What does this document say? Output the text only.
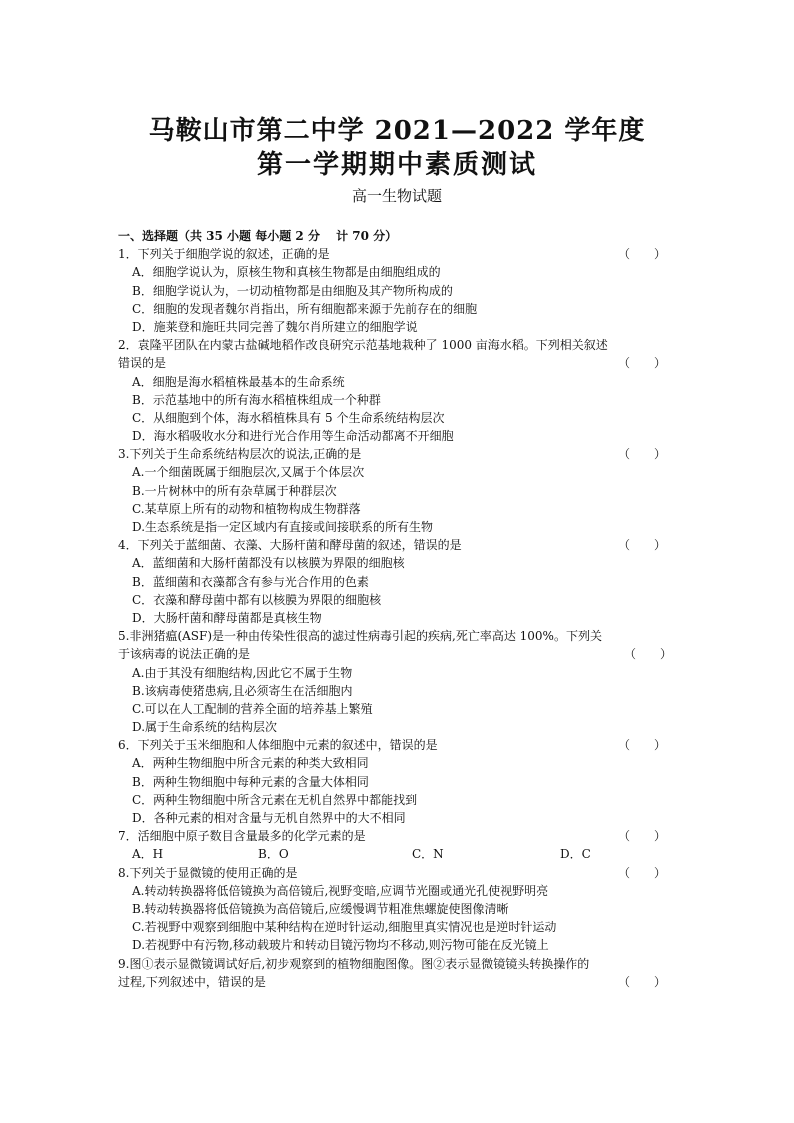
马鞍山市第二中学 2021—2022 学年度
第一学期期中素质测试
高一生物试题
一、选择题（共 35 小题 每小题 2 分　 计 70 分）
1．下列关于细胞学说的叙述，正确的是	（　　）
A．细胞学说认为，原核生物和真核生物都是由细胞组成的
B．细胞学说认为，一切动植物都是由细胞及其产物所构成的
C．细胞的发现者魏尔肖指出，所有细胞都来源于先前存在的细胞
D．施莱登和施旺共同完善了魏尔肖所建立的细胞学说
2．袁隆平团队在内蒙古盐碱地稻作改良研究示范基地栽种了 1000 亩海水稻。下列相关叙述
错误的是	（　　）
A．细胞是海水稻植株最基本的生命系统
B．示范基地中的所有海水稻植株组成一个种群
C．从细胞到个体，海水稻植株具有 5 个生命系统结构层次
D．海水稻吸收水分和进行光合作用等生命活动都离不开细胞
3.下列关于生命系统结构层次的说法,正确的是	（　　）
A.一个细菌既属于细胞层次,又属于个体层次
B.一片树林中的所有杂草属于种群层次
C.某草原上所有的动物和植物构成生物群落
D.生态系统是指一定区域内有直接或间接联系的所有生物
4．下列关于蓝细菌、衣藻、大肠杆菌和酵母菌的叙述，错误的是	（　　）
A．蓝细菌和大肠杆菌都没有以核膜为界限的细胞核
B．蓝细菌和衣藻都含有参与光合作用的色素
C．衣藻和酵母菌中都有以核膜为界限的细胞核
D．大肠杆菌和酵母菌都是真核生物
5.非洲猪瘟(ASF)是一种由传染性很高的滤过性病毒引起的疾病,死亡率高达 100%。下列关
于该病毒的说法正确的是	（　　）
A.由于其没有细胞结构,因此它不属于生物
B.该病毒使猪患病,且必须寄生在活细胞内
C.可以在人工配制的营养全面的培养基上繁殖
D.属于生命系统的结构层次
6．下列关于玉米细胞和人体细胞中元素的叙述中，错误的是	（　　）
A．两种生物细胞中所含元素的种类大致相同
B．两种生物细胞中每种元素的含量大体相同
C．两种生物细胞中所含元素在无机自然界中都能找到
D．各种元素的相对含量与无机自然界中的大不相同
7．活细胞中原子数目含量最多的化学元素的是	（　　）
A．H	B．O	C．N	D．C
8.下列关于显微镜的使用正确的是	（　　）
A.转动转换器将低倍镜换为高倍镜后,视野变暗,应调节光圈或通光孔使视野明亮
B.转动转换器将低倍镜换为高倍镜后,应缓慢调节粗准焦螺旋使图像清晰
C.若视野中观察到细胞中某种结构在逆时针运动,细胞里真实情况也是逆时针运动
D.若视野中有污物,移动载玻片和转动目镜污物均不移动,则污物可能在反光镜上
9.图①表示显微镜调试好后,初步观察到的植物细胞图像。图②表示显微镜镜头转换操作的
过程,下列叙述中，错误的是	（　　）
